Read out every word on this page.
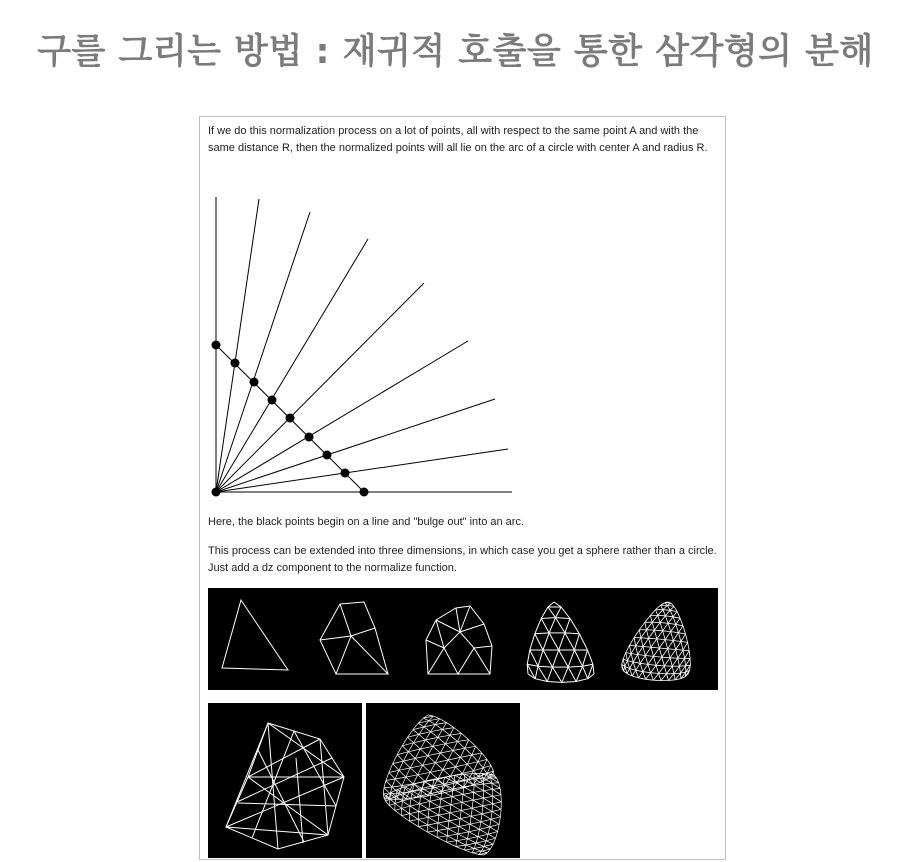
구를 그리는 방법 : 재귀적 호출을 통한 삼각형의 분해

If we do this normalization process on a lot of points, all with respect to the same point A and with the same distance R, then the normalized points will all lie on the arc of a circle with center A and radius R.

Here, the black points begin on a line and "bulge out" into an arc.

This process can be extended into three dimensions, in which case you get a sphere rather than a circle. Just add a dz component to the normalize function.
